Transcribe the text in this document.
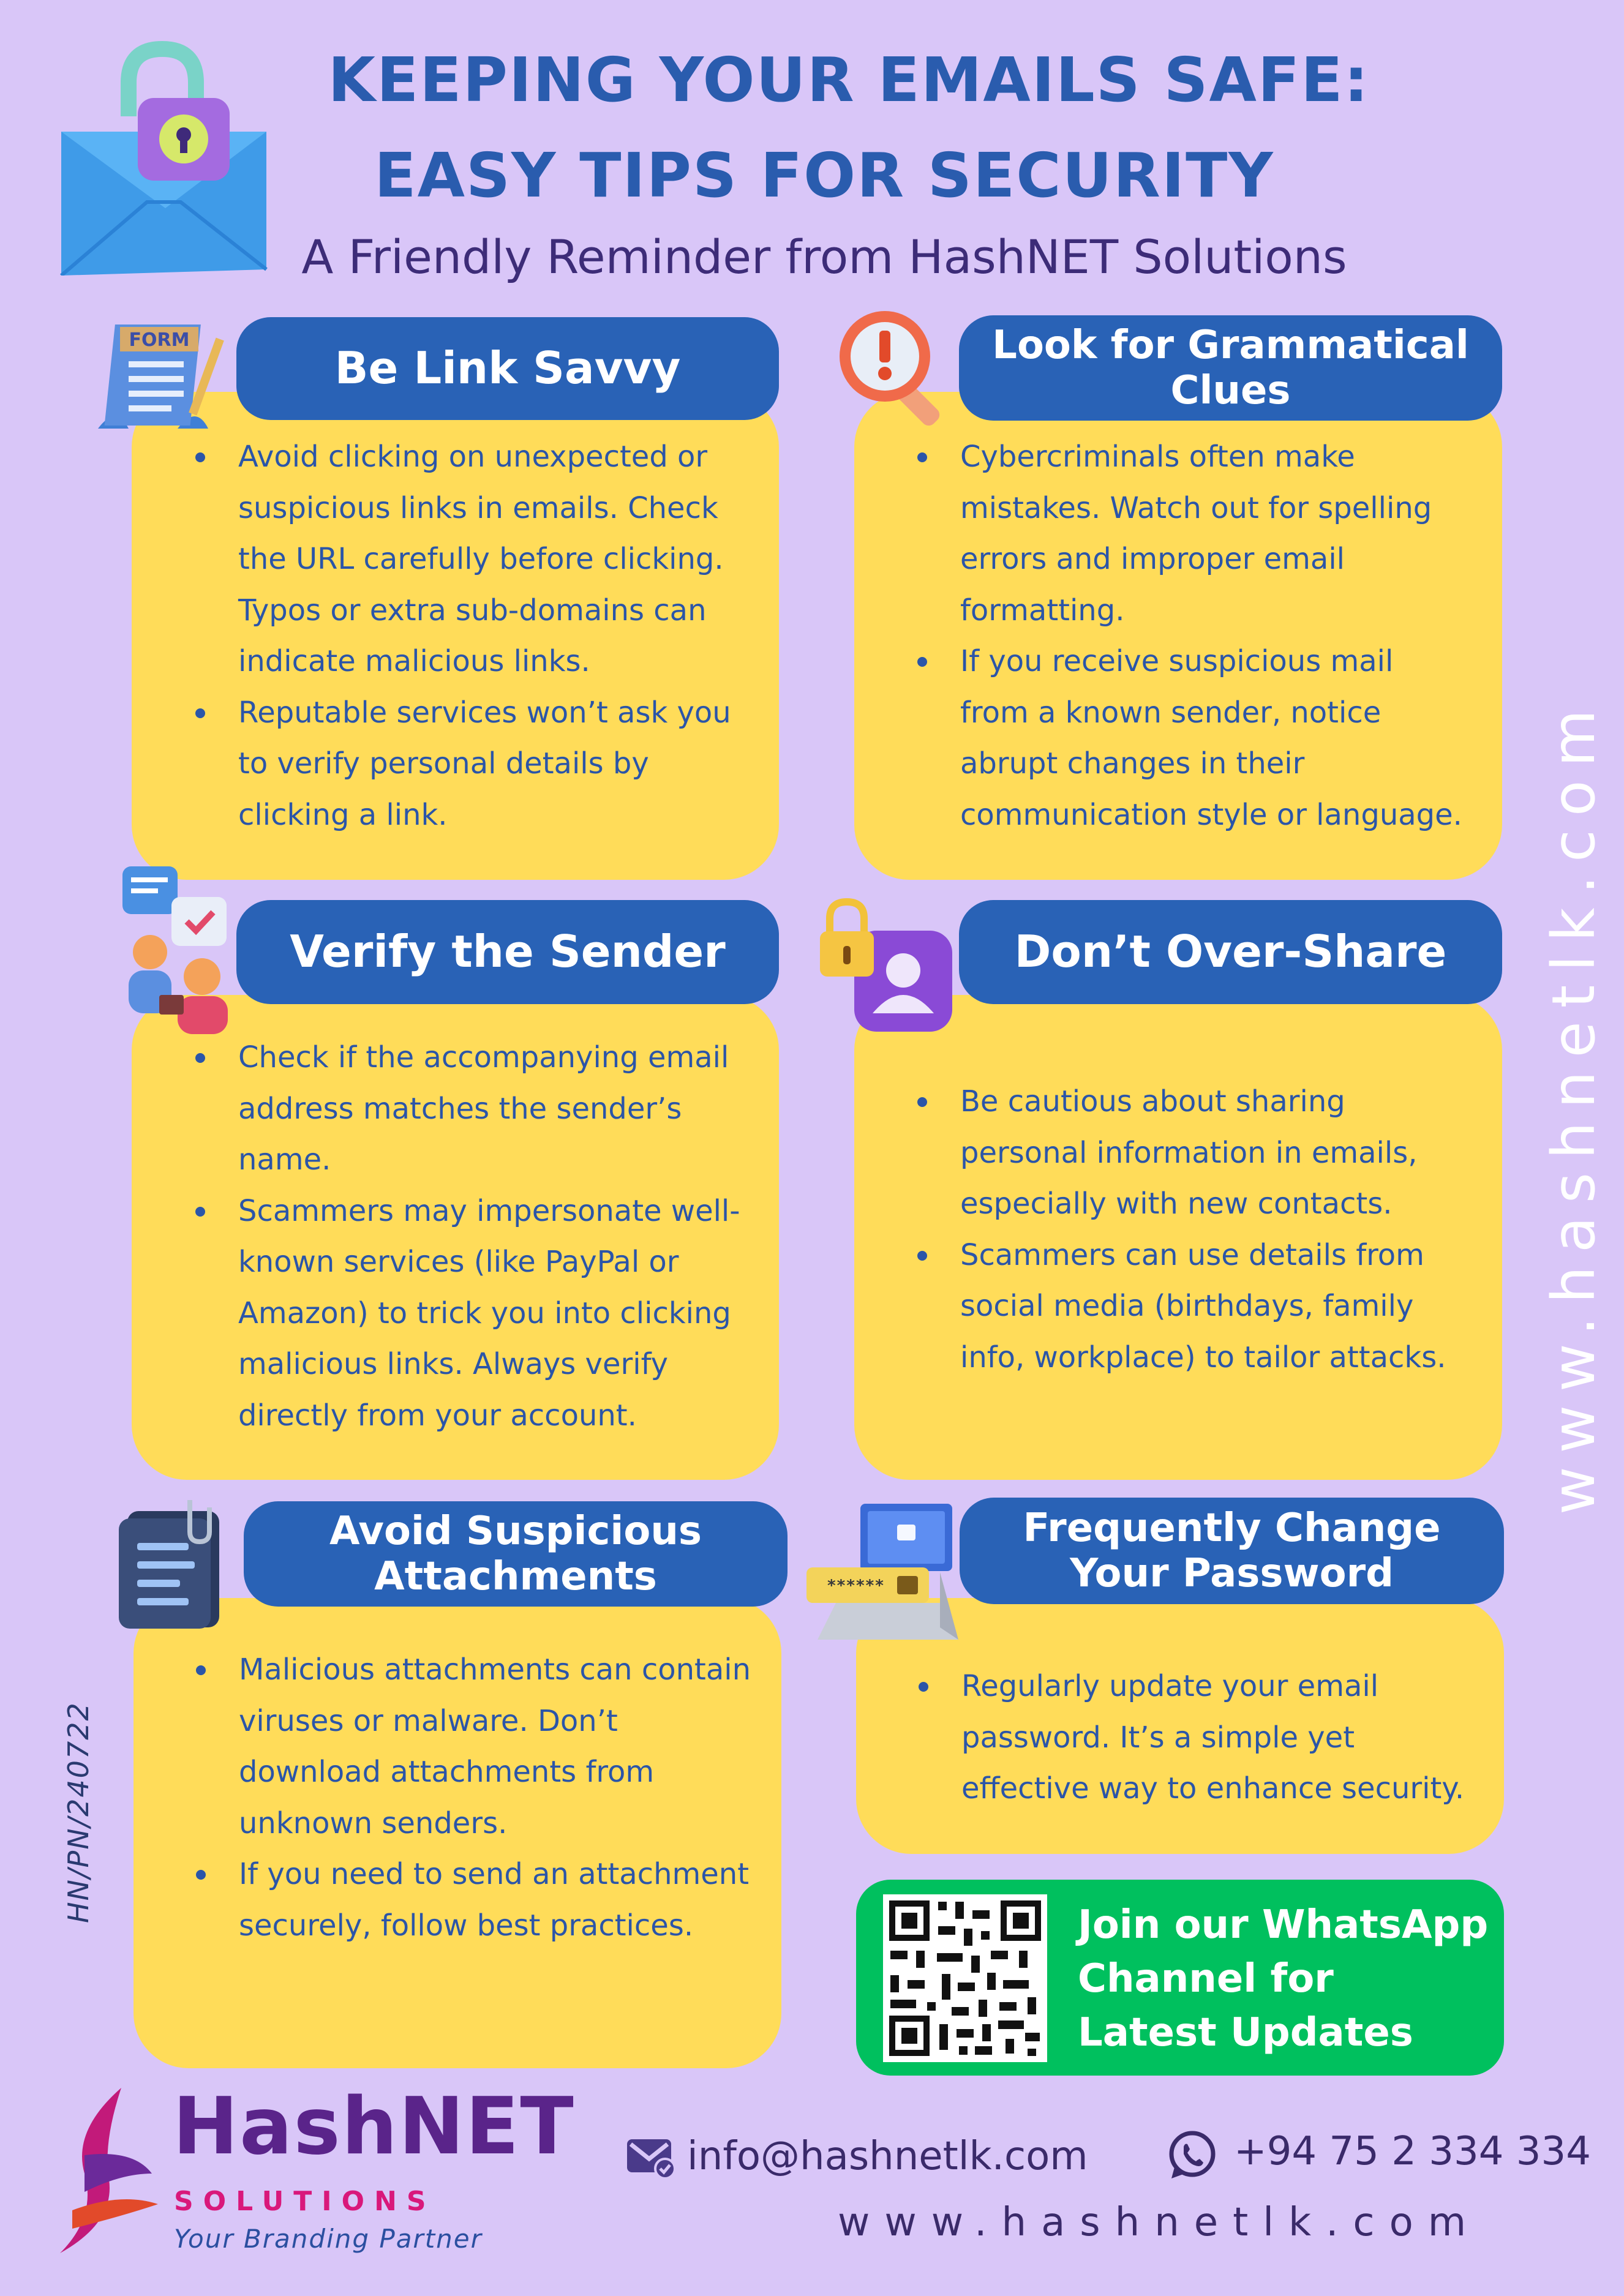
KEEPING YOUR EMAILS SAFE:
EASY TIPS FOR SECURITY
A Friendly Reminder from HashNET Solutions
Be Link Savvy
FORM
Avoid clicking on unexpected or suspicious links in emails. Check the URL carefully before clicking. Typos or extra sub-domains can indicate malicious links.
Reputable services won’t ask you to verify personal details by clicking a link.
Look for Grammatical
Clues
Cybercriminals often make mistakes. Watch out for spelling errors and improper email formatting.
If you receive suspicious mail from a known sender, notice abrupt changes in their communication style or language.
Verify the Sender
Check if the accompanying email address matches the sender’s name.
Scammers may impersonate well-known services (like PayPal or Amazon) to trick you into clicking malicious links. Always verify directly from your account.
Don’t Over-Share
Be cautious about sharing personal information in emails, especially with new contacts.
Scammers can use details from social media (birthdays, family info, workplace) to tailor attacks.
Avoid Suspicious
Attachments
Malicious attachments can contain viruses or malware. Don’t download attachments from unknown senders.
If you need to send an attachment securely, follow best practices.
Frequently Change
Your Password
******
Regularly update your email password. It’s a simple yet effective way to enhance security.
Join our WhatsApp
Channel for
Latest Updates
www.hashnetlk.com
HN/PN/240722
HashNET
SOLUTIONS
Your Branding Partner
info@hashnetlk.com	+94 75 2 334 334
www.hashnetlk.com
